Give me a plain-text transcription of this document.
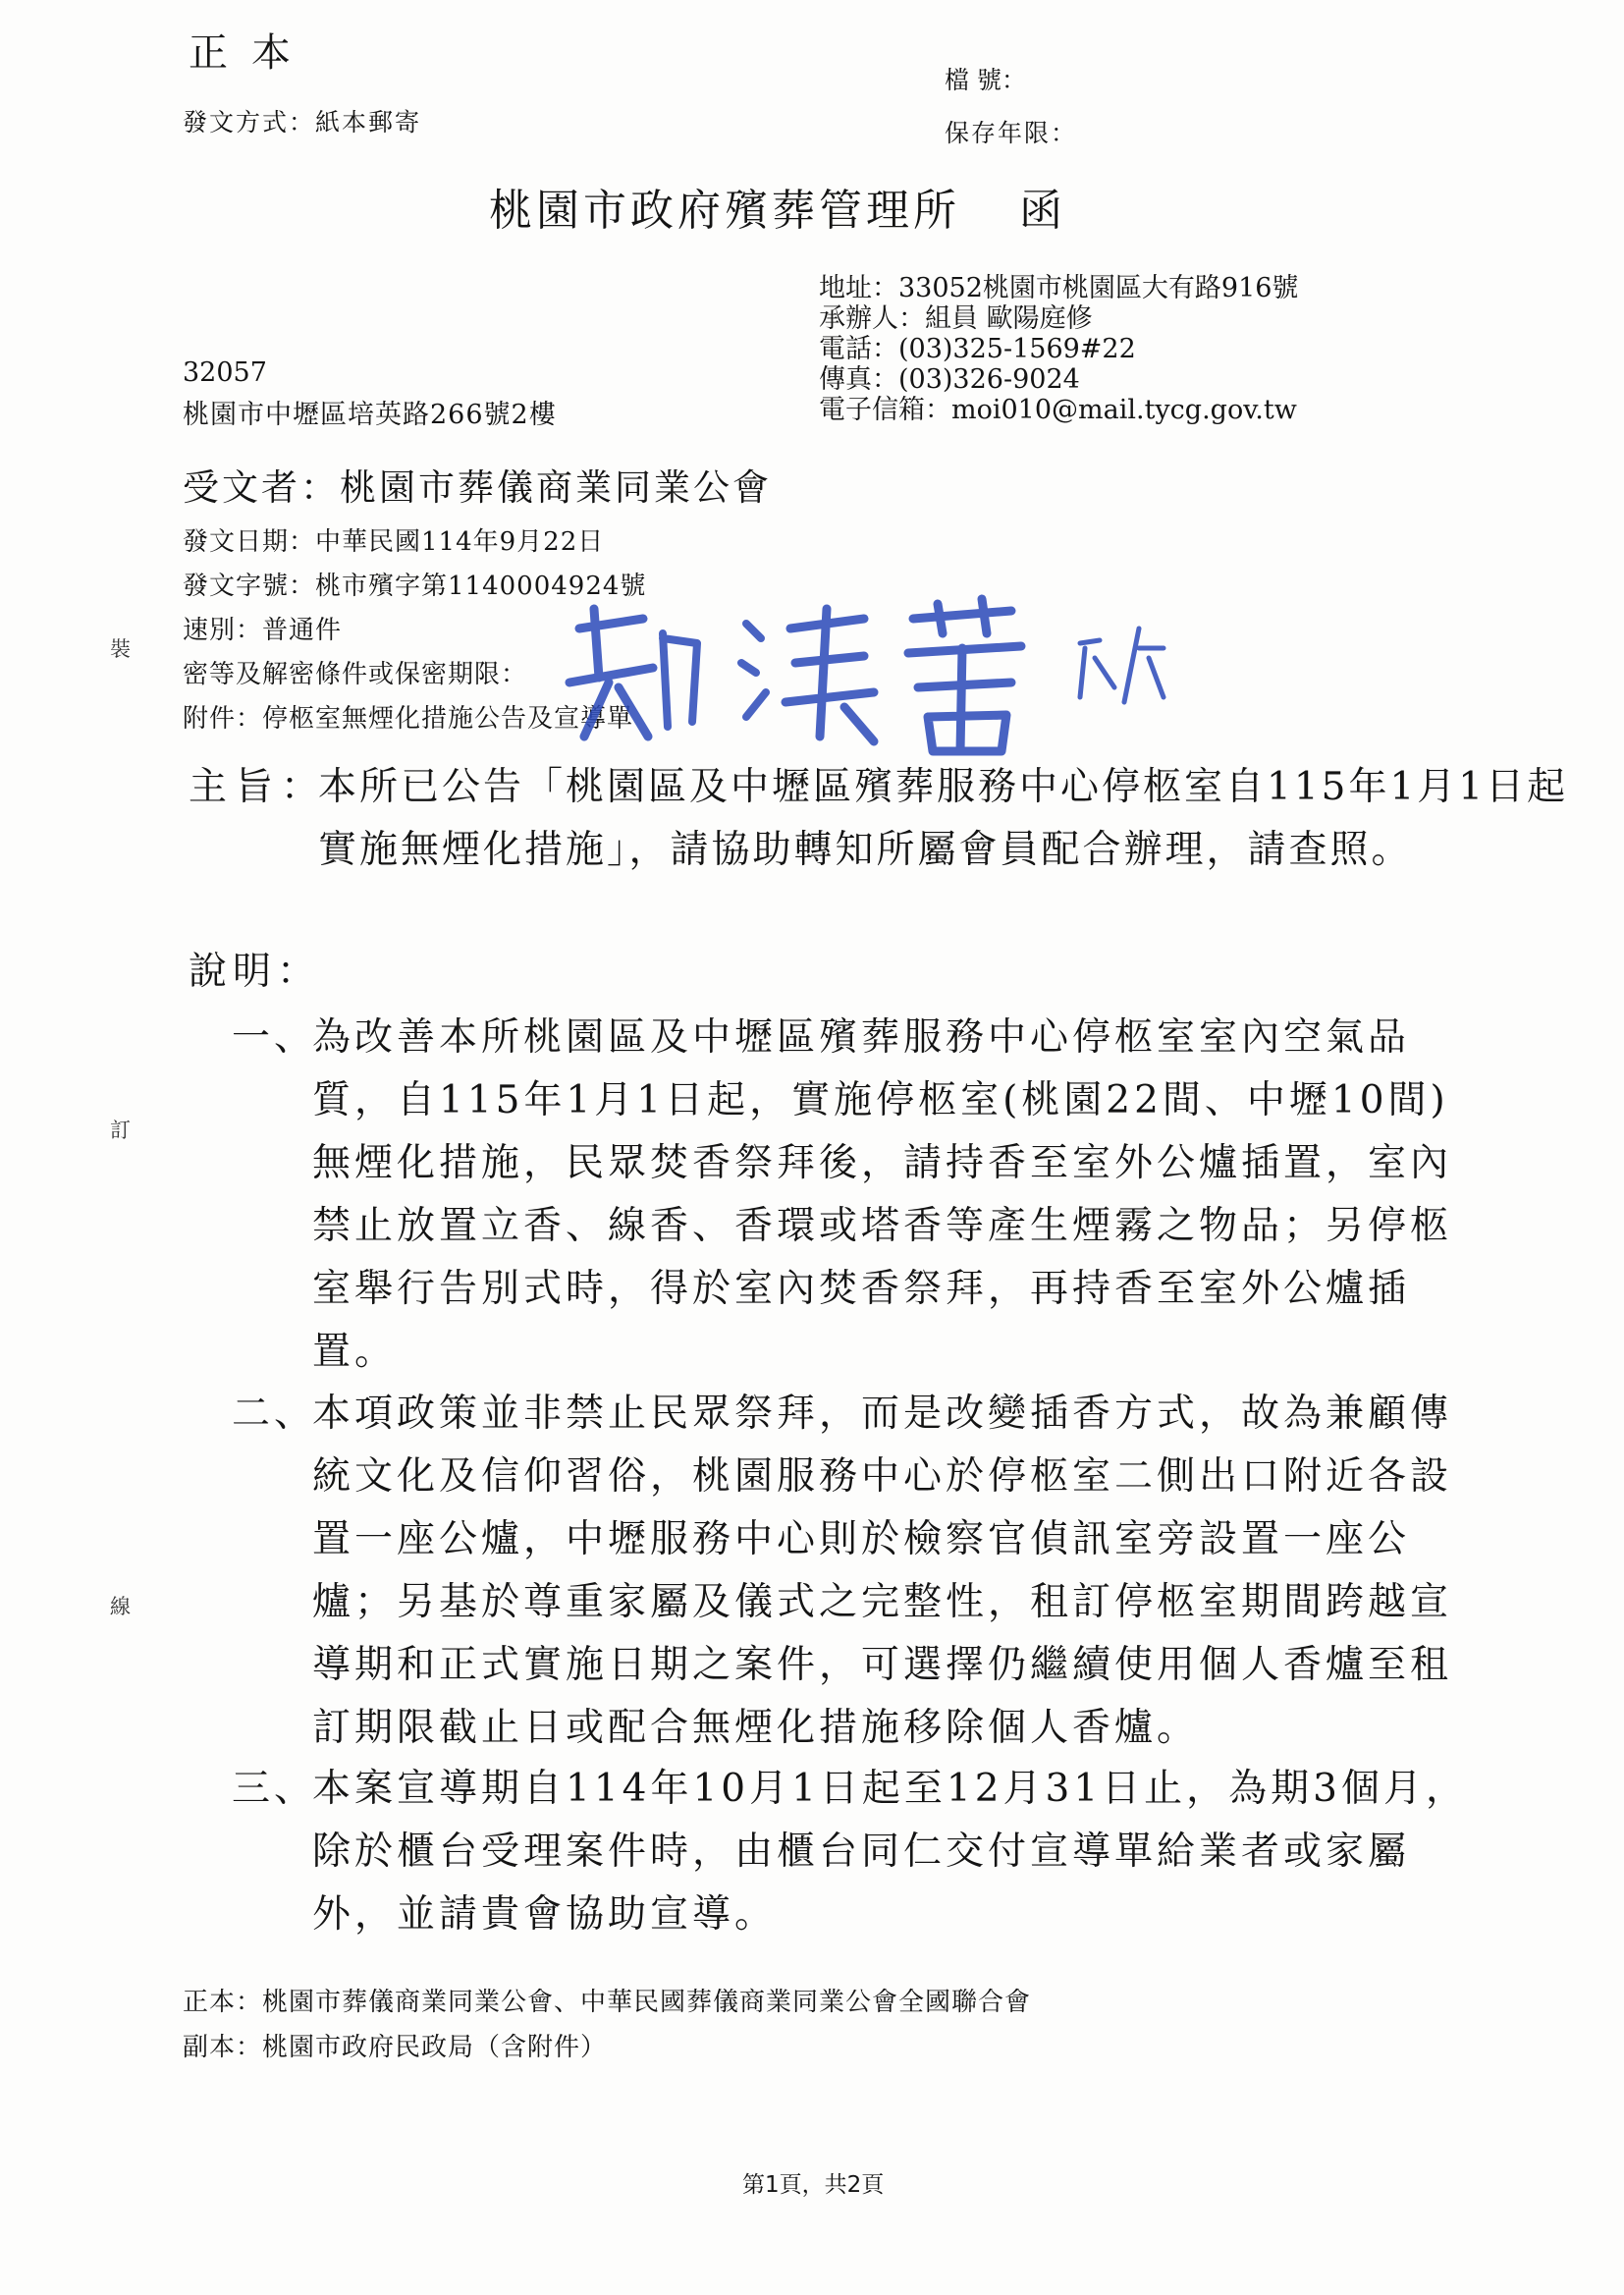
正本
發文方式：紙本郵寄
檔 號：
保存年限：
桃園市政府殯葬管理所 函
地址：33052桃園市桃園區大有路916號
承辦人：組員 歐陽庭修
電話：(03)325-1569#22
傳真：(03)326-9024
電子信箱：moi010@mail.tycg.gov.tw
32057
桃園市中壢區培英路266號2樓
受文者：桃園市葬儀商業同業公會
發文日期：中華民國114年9月22日
發文字號：桃市殯字第1140004924號
速別：普通件
密等及解密條件或保密期限：
附件：停柩室無煙化措施公告及宣導單
裝
訂
線
主旨：
本所已公告「桃園區及中壢區殯葬服務中心停柩室自115年1月1日起實施無煙化措施」，請協助轉知所屬會員配合辦理，請查照。
說明：
一、
為改善本所桃園區及中壢區殯葬服務中心停柩室室內空氣品質，自115年1月1日起，實施停柩室(桃園22間、中壢10間)無煙化措施，民眾焚香祭拜後，請持香至室外公爐插置，室內禁止放置立香、線香、香環或塔香等產生煙霧之物品；另停柩室舉行告別式時，得於室內焚香祭拜，再持香至室外公爐插置。
二、
本項政策並非禁止民眾祭拜，而是改變插香方式，故為兼顧傳統文化及信仰習俗，桃園服務中心於停柩室二側出口附近各設置一座公爐，中壢服務中心則於檢察官偵訊室旁設置一座公爐；另基於尊重家屬及儀式之完整性，租訂停柩室期間跨越宣導期和正式實施日期之案件，可選擇仍繼續使用個人香爐至租訂期限截止日或配合無煙化措施移除個人香爐。
三、
本案宣導期自114年10月1日起至12月31日止，為期3個月，除於櫃台受理案件時，由櫃台同仁交付宣導單給業者或家屬外，並請貴會協助宣導。
正本：桃園市葬儀商業同業公會、中華民國葬儀商業同業公會全國聯合會
副本：桃園市政府民政局（含附件）
第1頁，共2頁
